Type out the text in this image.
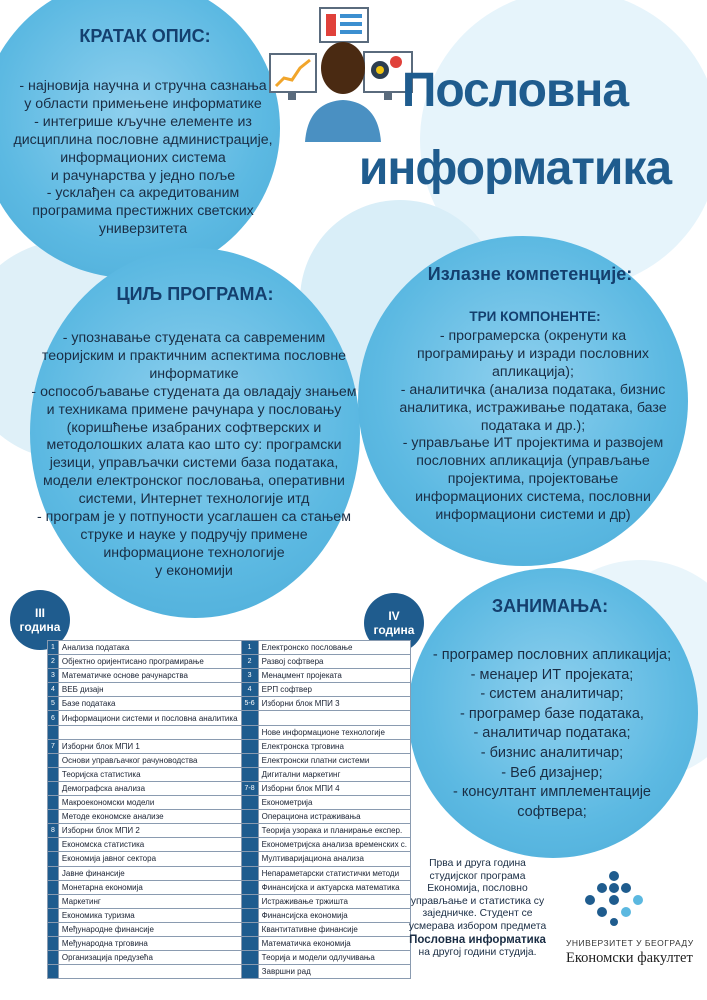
КРАТАК ОПИС:
- најновија научна и стручна сазнања
у области примењене информатике
- интегрише кључне елементе из
дисциплина пословне администрације,
информационих система
и рачунарства у једно поље
- усклађен са акредитованим
програмима престижних светских
универзитета
Пословна
информатика
ЦИЉ ПРОГРАМА:
- упознавање студената са савременим
теоријским и практичним аспектима пословне
информатике
- оспособљавање студената да овладају знањем
и техникама примене рачунара у пословању
(коришћење изабраних софтверских и
методолошких алата као што су: програмски
језици, управљачки системи база података,
модели електронског пословања, оперативни
системи, Интернет технологије итд
- програм је у потпуности усаглашен са стањем
струке и науке у подручју примене
информационе технологије
у економији
Излазне компетенције:
ТРИ КОМПОНЕНТЕ:
- програмерска (окренути ка
програмирању и изради пословних
апликација);
- аналитичка (анализа података, бизнис
аналитика, истраживање података, базе
података и др.);
- управљање ИТ пројектима и развојем
пословних апликација (управљање
пројектима, пројектовање
информационих система, пословни
информациони системи и др)
ЗАНИМАЊА:
- програмер пословних апликација;
- менаџер ИТ пројеката;
- систем аналитичар;
- програмер базе података,
- аналитичар података;
- бизнис аналитичар;
- Веб дизајнер;
- консултант имплементације
софтвера;
III
година
IV
година
1	Анализа података	1	Електронско пословање
2	Објектно оријентисано програмирање	2	Развој софтвера
3	Математичке основе рачунарства	3	Менаџмент пројеката
4	ВЕБ дизајн	4	ЕРП софтвер
5	Базе података	5-6	Изборни блок МПИ 3
6	Информациони системи и пословна аналитика		
			Нове информационе технологије
7	Изборни блок МПИ 1		Електронска трговина
	Основи управљачког рачуноводства		Електронски платни системи
	Теоријска статистика		Дигитални маркетинг
	Демографска анализа	7-8	Изборни блок МПИ 4
	Макроекономски модели		Економетрија
	Методе економске анализе		Операциона истраживања
8	Изборни блок МПИ 2		Теорија узорака и планирање експер.
	Економска статистика		Економетријска анализа временских с.
	Економија јавног сектора		Мултиваријациона анализа
	Јавне финансије		Непараметарски статистички методи
	Монетарна економија		Финансијска и актуарска математика
	Маркетинг		Истраживање тржишта
	Економика туризма		Финансијска економија
	Међународне финансије		Квантитативне финансије
	Међународна трговина		Математичка економија
	Организација предузећа		Теорија и модели одлучивања
			Завршни рад
Прва и друга година
студијског програма
Економија, пословно
управљање и статистика су
заједничке. Студент се
усмерава избором предмета
Пословна информатика
на другој години студија.
УНИВЕРЗИТЕТ У БЕОГРАДУ
Економски факултет
